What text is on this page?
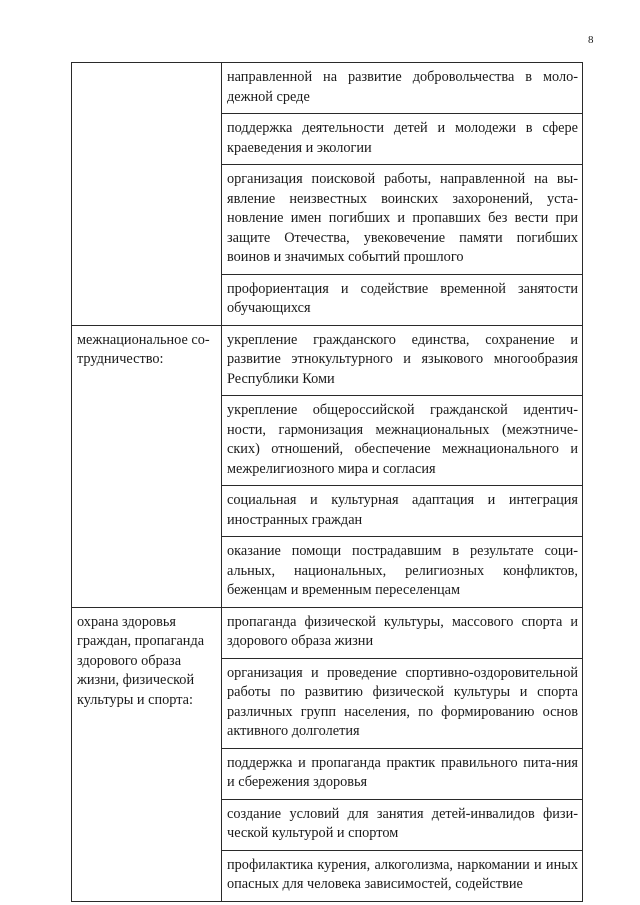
8
	направленной на развитие добровольчества в моло-дежной среде
	поддержка деятельности детей и молодежи в сфере краеведения и экологии
	организация поисковой работы, направленной на вы-явление неизвестных воинских захоронений, уста-новление имен погибших и пропавших без вести при защите Отечества, увековечение памяти погибших воинов и значимых событий прошлого
	профориентация и содействие временной занятости обучающихся
межнациональное со-трудничество:	укрепление гражданского единства, сохранение и развитие этнокультурного и языкового многообразия Республики Коми
	укрепление общероссийской гражданской идентич-ности, гармонизация межнациональных (межэтниче-ских) отношений, обеспечение межнационального и межрелигиозного мира и согласия
	социальная и культурная адаптация и интеграция иностранных граждан
	оказание помощи пострадавшим в результате соци-альных, национальных, религиозных конфликтов, беженцам и временным переселенцам
охрана здоровья граждан, пропаганда здорового образа жизни, физической культуры и спорта:	пропаганда физической культуры, массового спорта и здорового образа жизни
	организация и проведение спортивно-оздоровительной работы по развитию физической культуры и спорта различных групп населения, по формированию основ активного долголетия
	поддержка и пропаганда практик правильного пита-ния и сбережения здоровья
	создание условий для занятия детей-инвалидов физи-ческой культурой и спортом
	профилактика курения, алкоголизма, наркомании и иных опасных для человека зависимостей, содействие
